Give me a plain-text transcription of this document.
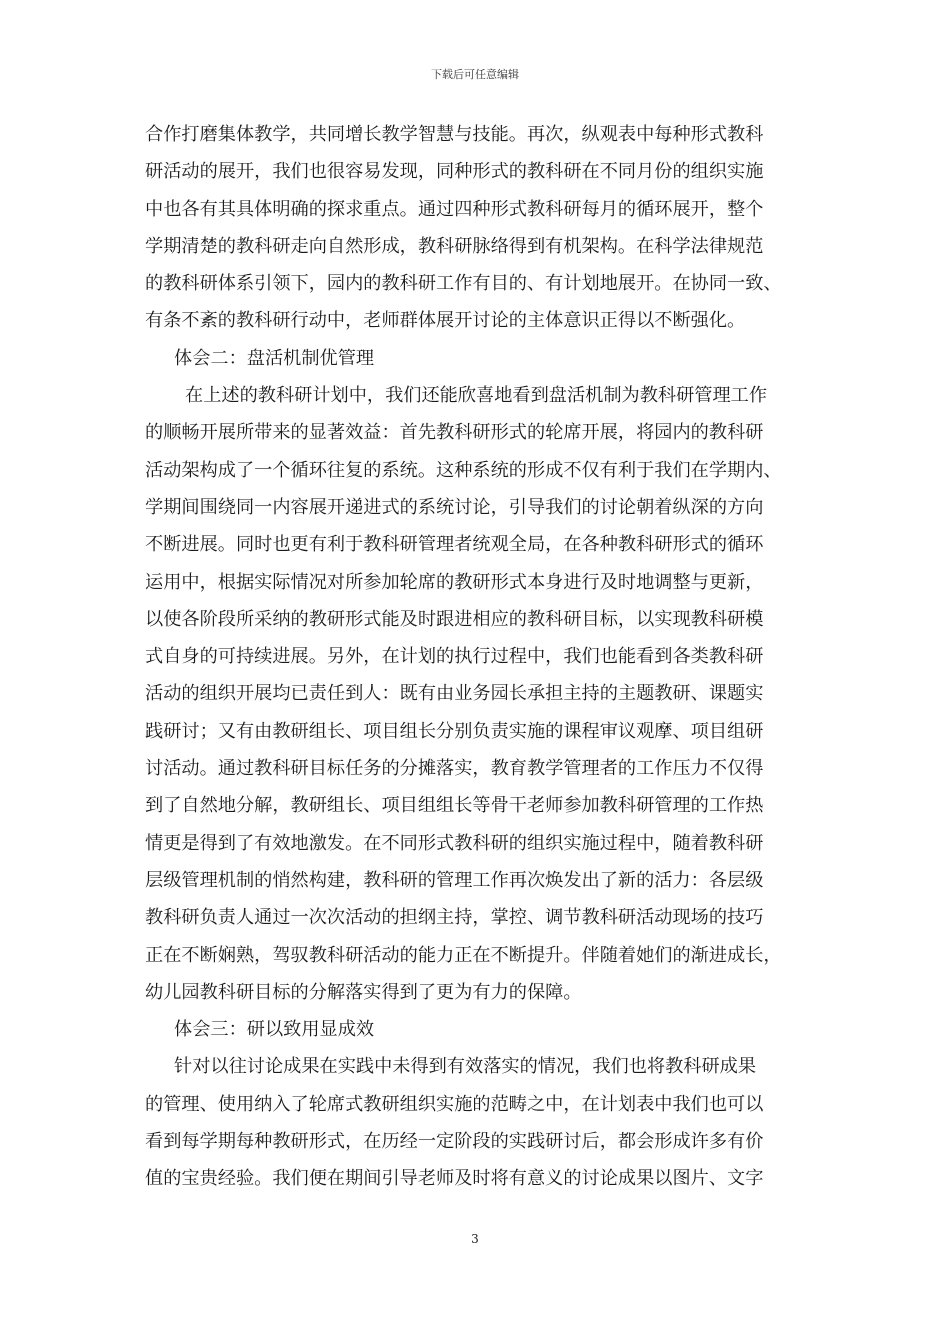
下载后可任意编辑
合作打磨集体教学，共同增长教学智慧与技能。再次，纵观表中每种形式教科
研活动的展开，我们也很容易发现，同种形式的教科研在不同月份的组织实施
中也各有其具体明确的探求重点。通过四种形式教科研每月的循环展开，整个
学期清楚的教科研走向自然形成，教科研脉络得到有机架构。在科学法律规范
的教科研体系引领下，园内的教科研工作有目的、有计划地展开。在协同一致、
有条不紊的教科研行动中，老师群体展开讨论的主体意识正得以不断强化。
体会二：盘活机制优管理
在上述的教科研计划中，我们还能欣喜地看到盘活机制为教科研管理工作
的顺畅开展所带来的显著效益：首先教科研形式的轮席开展，将园内的教科研
活动架构成了一个循环往复的系统。这种系统的形成不仅有利于我们在学期内、
学期间围绕同一内容展开递进式的系统讨论，引导我们的讨论朝着纵深的方向
不断进展。同时也更有利于教科研管理者统观全局，在各种教科研形式的循环
运用中，根据实际情况对所参加轮席的教研形式本身进行及时地调整与更新，
以使各阶段所采纳的教研形式能及时跟进相应的教科研目标，以实现教科研模
式自身的可持续进展。另外，在计划的执行过程中，我们也能看到各类教科研
活动的组织开展均已责任到人：既有由业务园长承担主持的主题教研、课题实
践研讨；又有由教研组长、项目组长分别负责实施的课程审议观摩、项目组研
讨活动。通过教科研目标任务的分摊落实，教育教学管理者的工作压力不仅得
到了自然地分解，教研组长、项目组组长等骨干老师参加教科研管理的工作热
情更是得到了有效地激发。在不同形式教科研的组织实施过程中，随着教科研
层级管理机制的悄然构建，教科研的管理工作再次焕发出了新的活力：各层级
教科研负责人通过一次次活动的担纲主持，掌控、调节教科研活动现场的技巧
正在不断娴熟，驾驭教科研活动的能力正在不断提升。伴随着她们的渐进成长，
幼儿园教科研目标的分解落实得到了更为有力的保障。
体会三：研以致用显成效
针对以往讨论成果在实践中未得到有效落实的情况，我们也将教科研成果
的管理、使用纳入了轮席式教研组织实施的范畴之中，在计划表中我们也可以
看到每学期每种教研形式，在历经一定阶段的实践研讨后，都会形成许多有价
值的宝贵经验。我们便在期间引导老师及时将有意义的讨论成果以图片、文字
3
